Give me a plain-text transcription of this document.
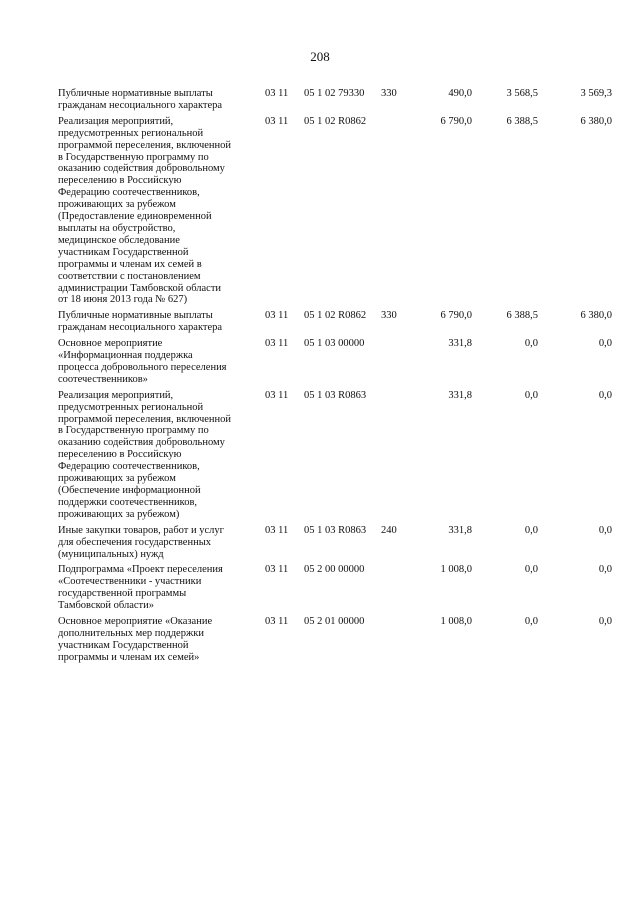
208
Публичные нормативные выплаты
гражданам несоциального характера
03 11 05 1 02 79330 330	490,0	3 568,5	3 569,3
Реализация мероприятий,
предусмотренных региональной
программой переселения, включенной
в Государственную программу по
оказанию содействия добровольному
переселению в Российскую
Федерацию соотечественников,
проживающих за рубежом
(Предоставление единовременной
выплаты на обустройство,
медицинское обследование
участникам Государственной
программы и членам их семей в
соответствии с постановлением
администрации Тамбовской области
от 18 июня 2013 года № 627)
03 11 05 1 02 R0862	6 790,0	6 388,5	6 380,0
Публичные нормативные выплаты
гражданам несоциального характера
03 11 05 1 02 R0862 330	6 790,0	6 388,5	6 380,0
Основное мероприятие
«Информационная поддержка
процесса добровольного переселения
соотечественников»
03 11 05 1 03 00000	331,8	0,0	0,0
Реализация мероприятий,
предусмотренных региональной
программой переселения, включенной
в Государственную программу по
оказанию содействия добровольному
переселению в Российскую
Федерацию соотечественников,
проживающих за рубежом
(Обеспечение информационной
поддержки соотечественников,
проживающих за рубежом)
03 11 05 1 03 R0863	331,8	0,0	0,0
Иные закупки товаров, работ и услуг
для обеспечения государственных
(муниципальных) нужд
03 11 05 1 03 R0863 240	331,8	0,0	0,0
Подпрограмма «Проект переселения
«Соотечественники - участники
государственной программы
Тамбовской области»
03 11 05 2 00 00000	1 008,0	0,0	0,0
Основное мероприятие «Оказание
дополнительных мер поддержки
участникам Государственной
программы и членам их семей»
03 11 05 2 01 00000	1 008,0	0,0	0,0
